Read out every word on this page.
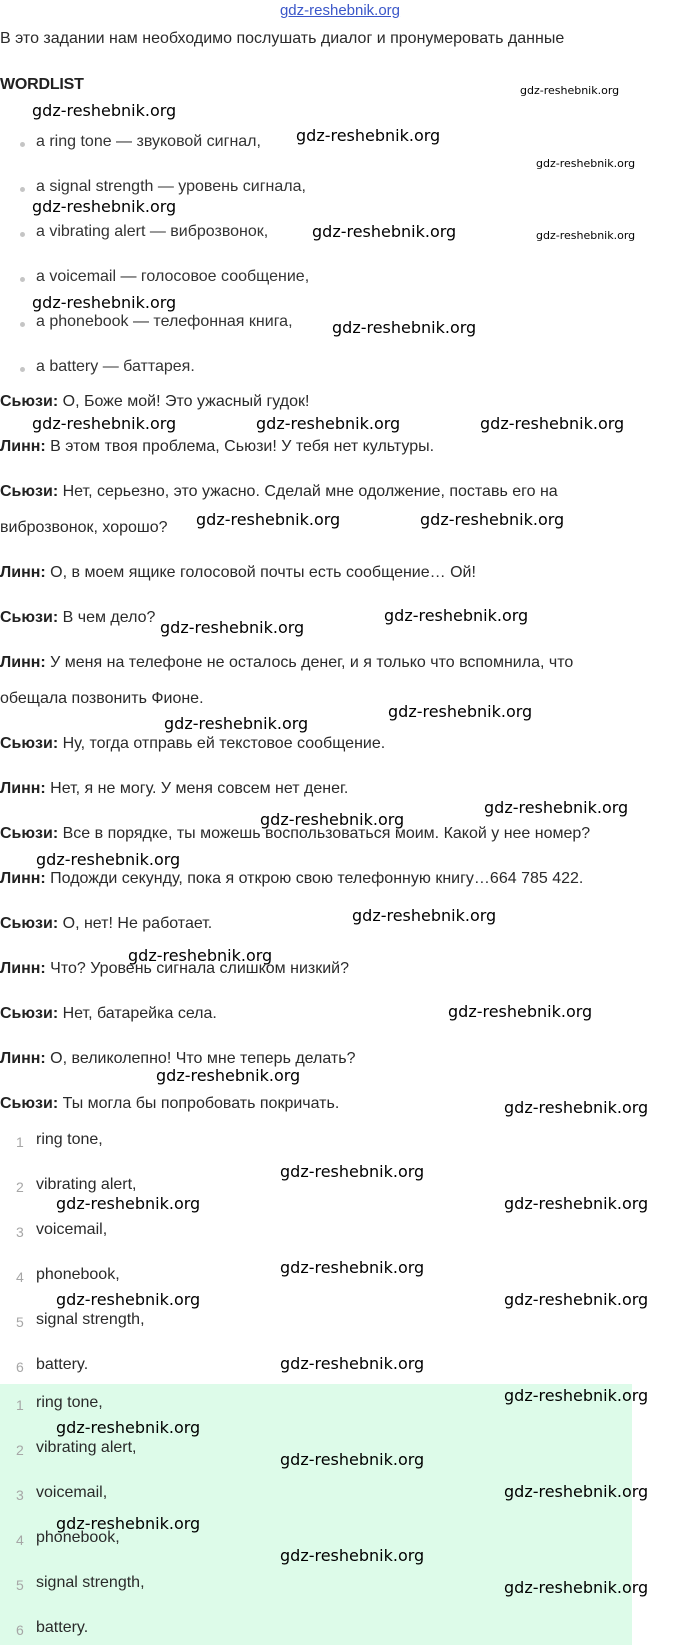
gdz-reshebnik.org
В это задании нам необходимо послушать диалог и пронумеровать данные
WORDLIST
a ring tone — звуковой сигнал,
a signal strength — уровень сигнала,
a vibrating alert — виброзвонок,
a voicemail — голосовое сообщение,
a phonebook — телефонная книга,
a battery — баттарея.
Сьюзи: О, Боже мой! Это ужасный гудок!
Линн: В этом твоя проблема, Сьюзи! У тебя нет культуры.
Сьюзи: Нет, серьезно, это ужасно. Сделай мне одолжение, поставь его на
виброзвонок, хорошо?
Линн: О, в моем ящике голосовой почты есть сообщение… Ой!
Сьюзи: В чем дело?
Линн: У меня на телефоне не осталось денег, и я только что вспомнила, что
обещала позвонить Фионе.
Сьюзи: Ну, тогда отправь ей текстовое сообщение.
Линн: Нет, я не могу. У меня совсем нет денег.
Сьюзи: Все в порядке, ты можешь воспользоваться моим. Какой у нее номер?
Линн: Подожди секунду, пока я открою свою телефонную книгу…664 785 422.
Сьюзи: О, нет! Не работает.
Линн: Что? Уровень сигнала слишком низкий?
Сьюзи: Нет, батарейка села.
Линн: О, великолепно! Что мне теперь делать?
Сьюзи: Ты могла бы попробовать покричать.
1 ring tone,
2 vibrating alert,
3 voicemail,
4 phonebook,
5 signal strength,
6 battery.
1 ring tone,
2 vibrating alert,
3 voicemail,
4 phonebook,
5 signal strength,
6 battery.
gdz-reshebnik.org
gdz-reshebnik.org
gdz-reshebnik.org
gdz-reshebnik.org
gdz-reshebnik.org
gdz-reshebnik.org	gdz-reshebnik.org
gdz-reshebnik.org
gdz-reshebnik.org
gdz-reshebnik.org	gdz-reshebnik.org	gdz-reshebnik.org
gdz-reshebnik.org	gdz-reshebnik.org
gdz-reshebnik.org
gdz-reshebnik.org
gdz-reshebnik.org
gdz-reshebnik.org
gdz-reshebnik.org
gdz-reshebnik.org
gdz-reshebnik.org
gdz-reshebnik.org
gdz-reshebnik.org
gdz-reshebnik.org
gdz-reshebnik.org
gdz-reshebnik.org
gdz-reshebnik.org
gdz-reshebnik.org	gdz-reshebnik.org
gdz-reshebnik.org
gdz-reshebnik.org	gdz-reshebnik.org
gdz-reshebnik.org
gdz-reshebnik.org
gdz-reshebnik.org
gdz-reshebnik.org
gdz-reshebnik.org
gdz-reshebnik.org
gdz-reshebnik.org
gdz-reshebnik.org
